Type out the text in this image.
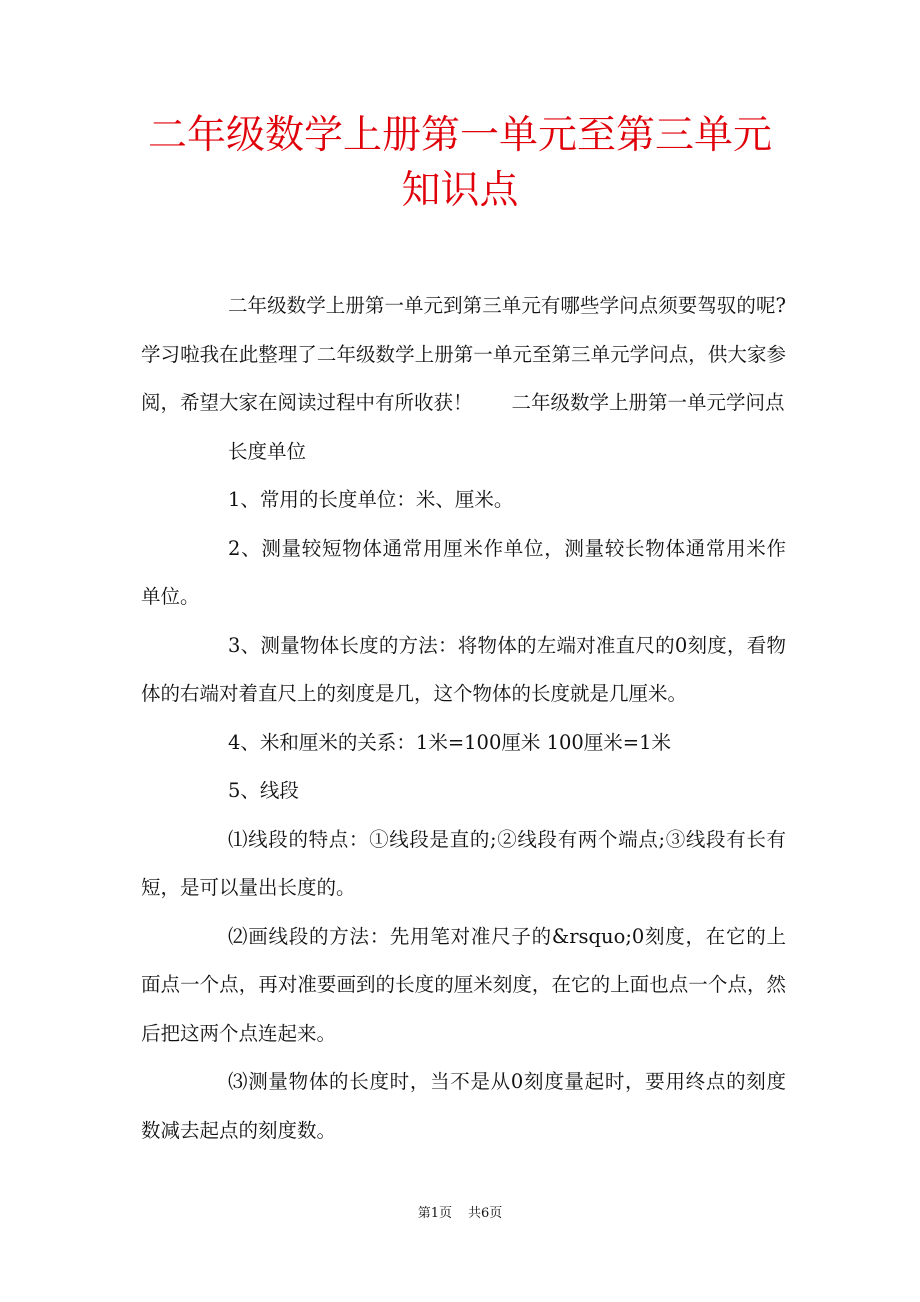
二年级数学上册第一单元至第三单元知识点

二年级数学上册第一单元到第三单元有哪些学问点须要驾驭的呢?学习啦我在此整理了二年级数学上册第一单元至第三单元学问点，供大家参阅，希望大家在阅读过程中有所收获！　　二年级数学上册第一单元学问点

长度单位

1、常用的长度单位：米、厘米。

2、测量较短物体通常用厘米作单位，测量较长物体通常用米作单位。

3、测量物体长度的方法：将物体的左端对准直尺的0刻度，看物体的右端对着直尺上的刻度是几，这个物体的长度就是几厘米。

4、米和厘米的关系：1米=100厘米 100厘米=1米

5、线段

⑴线段的特点：①线段是直的;②线段有两个端点;③线段有长有短，是可以量出长度的。

⑵画线段的方法：先用笔对准尺子的&rsquo;0刻度，在它的上面点一个点，再对准要画到的长度的厘米刻度，在它的上面也点一个点，然后把这两个点连起来。

⑶测量物体的长度时，当不是从0刻度量起时，要用终点的刻度数减去起点的刻度数。

第1页 共6页
